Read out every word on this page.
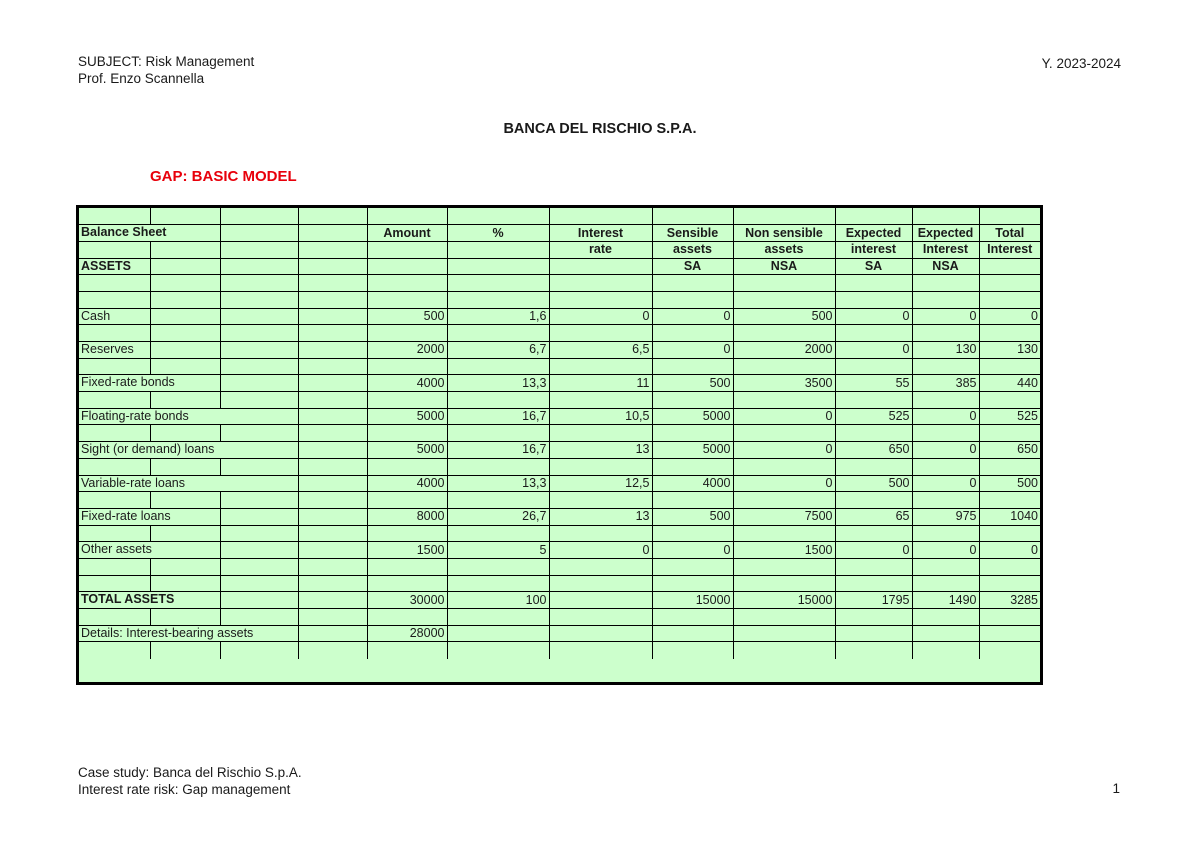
SUBJECT: Risk Management
Prof. Enzo Scannella
Y. 2023-2024
BANCA DEL RISCHIO S.P.A.
GAP: BASIC MODEL

Balance Sheet				Amount	%	Interest	Sensible	Non sensible	Expected	Expected	Total
						rate	assets	assets	interest	Interest	Interest

ASSETS							SA	NSA	SA	NSA	

Cash				500	1,6	0	0	500	0	0	0

Reserves				2000	6,7	6,5	0	2000	0	130	130

Fixed-rate bonds				4000	13,3	11	500	3500	55	385	440

Floating-rate bonds				5000	16,7	10,5	5000	0	525	0	525

Sight (or demand) loans				5000	16,7	13	5000	0	650	0	650

Variable-rate loans				4000	13,3	12,5	4000	0	500	0	500

Fixed-rate loans				8000	26,7	13	500	7500	65	975	1040

Other assets				1500	5	0	0	1500	0	0	0

TOTAL ASSETS				30000	100		15000	15000	1795	1490	3285

Details: Interest-bearing assets				28000							

Case study: Banca del Rischio S.p.A.
Interest rate risk: Gap management	1
